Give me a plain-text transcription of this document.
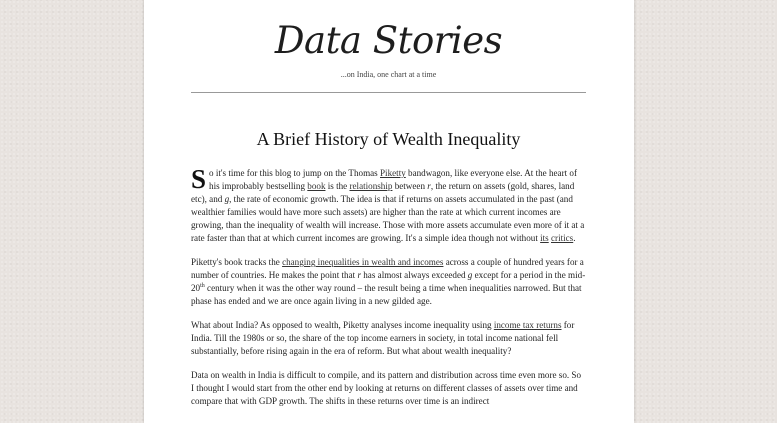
Data Stories

...on India, one chart at a time

A Brief History of Wealth Inequality

So it's time for this blog to jump on the Thomas Piketty bandwagon, like everyone else. At the heart of his improbably bestselling book is the relationship between r, the return on assets (gold, shares, land etc), and g, the rate of economic growth. The idea is that if returns on assets accumulated in the past (and wealthier families would have more such assets) are higher than the rate at which current incomes are growing, than the inequality of wealth will increase. Those with more assets accumulate even more of it at a rate faster than that at which current incomes are growing. It's a simple idea though not without its critics.

Piketty's book tracks the changing inequalities in wealth and incomes across a couple of hundred years for a number of countries. He makes the point that r has almost always exceeded g except for a period in the mid-20th century when it was the other way round – the result being a time when inequalities narrowed. But that phase has ended and we are once again living in a new gilded age.

What about India? As opposed to wealth, Piketty analyses income inequality using income tax returns for India. Till the 1980s or so, the share of the top income earners in society, in total income national fell substantially, before rising again in the era of reform. But what about wealth inequality?

Data on wealth in India is difficult to compile, and its pattern and distribution across time even more so. So I thought I would start from the other end by looking at returns on different classes of assets over time and compare that with GDP growth. The shifts in these returns over time is an indirect
